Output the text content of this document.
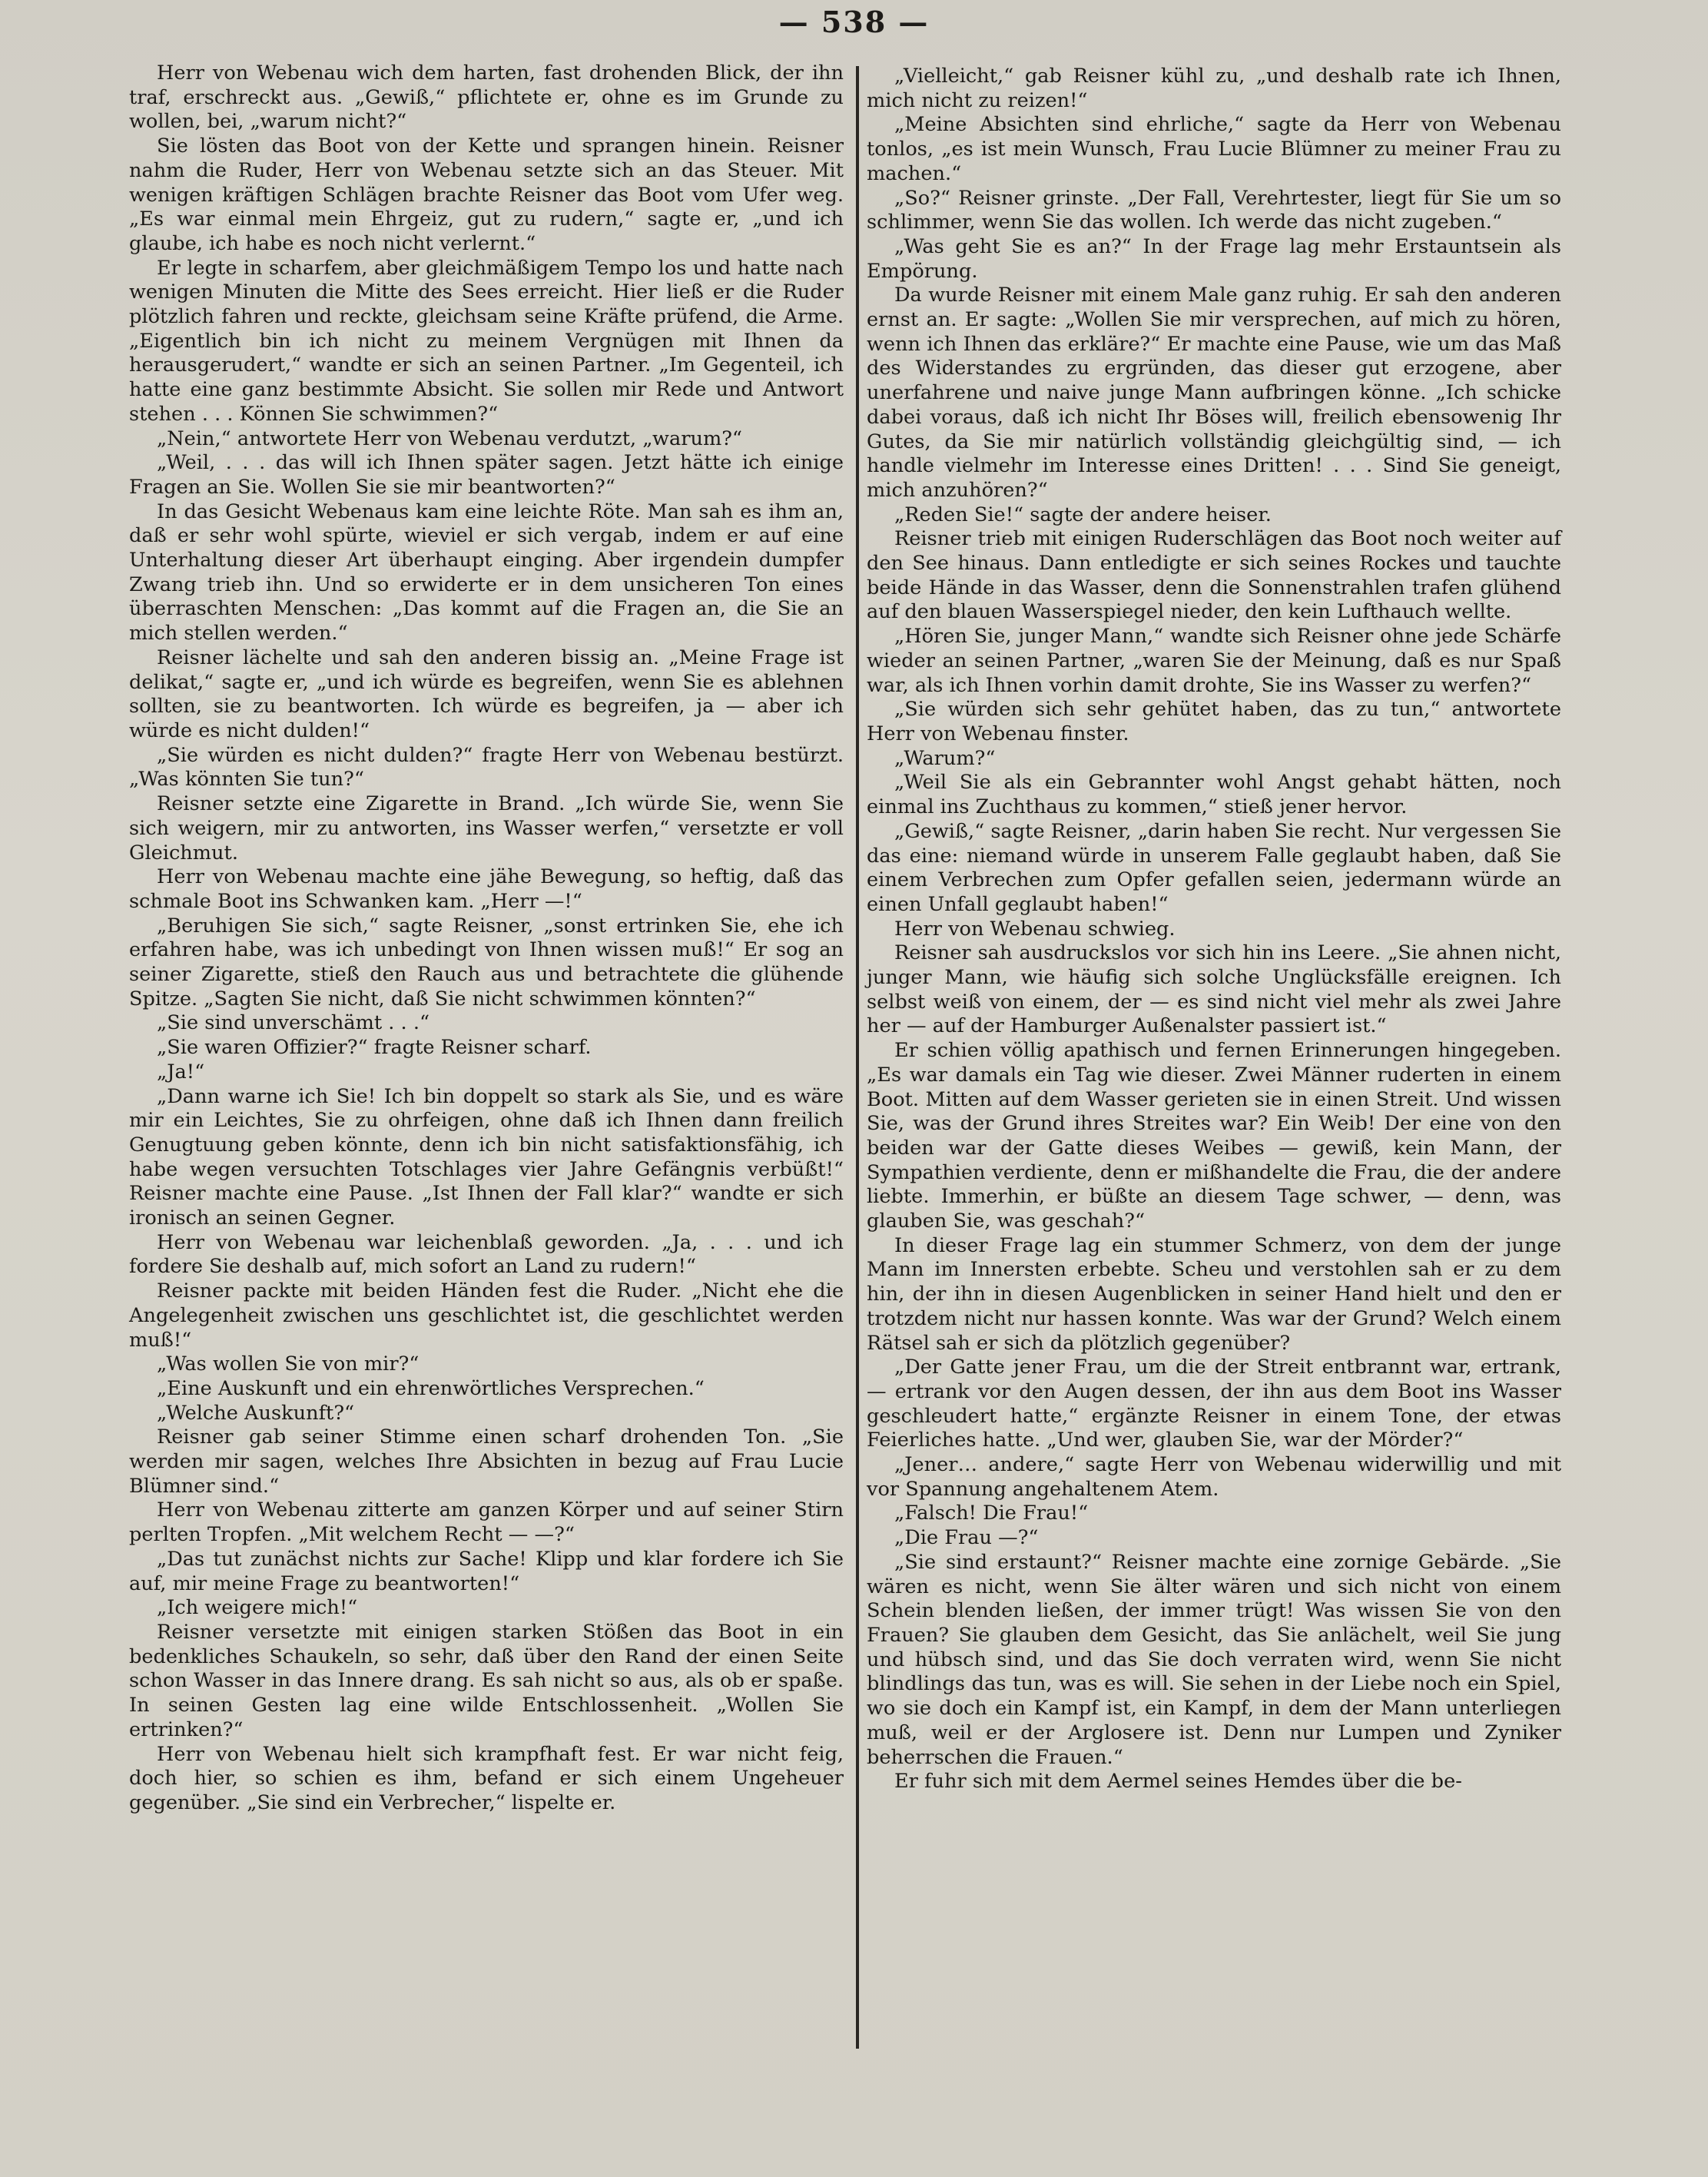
— 538 —

Herr von Webenau wich dem harten, fast drohenden Blick, der ihn traf, erschreckt aus. „Gewiß,“ pflichtete er, ohne es im Grunde zu wollen, bei, „warum nicht?“

Sie lösten das Boot von der Kette und sprangen hinein. Reisner nahm die Ruder, Herr von Webenau setzte sich an das Steuer. Mit wenigen kräftigen Schlägen brachte Reisner das Boot vom Ufer weg. „Es war einmal mein Ehrgeiz, gut zu rudern,“ sagte er, „und ich glaube, ich habe es noch nicht verlernt.“

Er legte in scharfem, aber gleichmäßigem Tempo los und hatte nach wenigen Minuten die Mitte des Sees erreicht. Hier ließ er die Ruder plötzlich fahren und reckte, gleichsam seine Kräfte prüfend, die Arme. „Eigentlich bin ich nicht zu meinem Vergnügen mit Ihnen da herausgerudert,“ wandte er sich an seinen Partner. „Im Gegenteil, ich hatte eine ganz bestimmte Absicht. Sie sollen mir Rede und Antwort stehen . . . Können Sie schwimmen?“

„Nein,“ antwortete Herr von Webenau verdutzt, „warum?“

„Weil, . . . das will ich Ihnen später sagen. Jetzt hätte ich einige Fragen an Sie. Wollen Sie sie mir beantworten?“

In das Gesicht Webenaus kam eine leichte Röte. Man sah es ihm an, daß er sehr wohl spürte, wieviel er sich vergab, indem er auf eine Unterhaltung dieser Art überhaupt einging. Aber irgendein dumpfer Zwang trieb ihn. Und so erwiderte er in dem unsicheren Ton eines überraschten Menschen: „Das kommt auf die Fragen an, die Sie an mich stellen werden.“

Reisner lächelte und sah den anderen bissig an. „Meine Frage ist delikat,“ sagte er, „und ich würde es begreifen, wenn Sie es ablehnen sollten, sie zu beantworten. Ich würde es begreifen, ja — aber ich würde es nicht dulden!“

„Sie würden es nicht dulden?“ fragte Herr von Webenau bestürzt. „Was könnten Sie tun?“

Reisner setzte eine Zigarette in Brand. „Ich würde Sie, wenn Sie sich weigern, mir zu antworten, ins Wasser werfen,“ versetzte er voll Gleichmut.

Herr von Webenau machte eine jähe Bewegung, so heftig, daß das schmale Boot ins Schwanken kam. „Herr —!“

„Beruhigen Sie sich,“ sagte Reisner, „sonst ertrinken Sie, ehe ich erfahren habe, was ich unbedingt von Ihnen wissen muß!“ Er sog an seiner Zigarette, stieß den Rauch aus und betrachtete die glühende Spitze. „Sagten Sie nicht, daß Sie nicht schwimmen könnten?“

„Sie sind unverschämt . . .“

„Sie waren Offizier?“ fragte Reisner scharf.

„Ja!“

„Dann warne ich Sie! Ich bin doppelt so stark als Sie, und es wäre mir ein Leichtes, Sie zu ohrfeigen, ohne daß ich Ihnen dann freilich Genugtuung geben könnte, denn ich bin nicht satisfaktionsfähig, ich habe wegen versuchten Totschlages vier Jahre Gefängnis verbüßt!“ Reisner machte eine Pause. „Ist Ihnen der Fall klar?“ wandte er sich ironisch an seinen Gegner.

Herr von Webenau war leichenblaß geworden. „Ja, . . . und ich fordere Sie deshalb auf, mich sofort an Land zu rudern!“

Reisner packte mit beiden Händen fest die Ruder. „Nicht ehe die Angelegenheit zwischen uns geschlichtet ist, die geschlichtet werden muß!“

„Was wollen Sie von mir?“

„Eine Auskunft und ein ehrenwörtliches Versprechen.“

„Welche Auskunft?“

Reisner gab seiner Stimme einen scharf drohenden Ton. „Sie werden mir sagen, welches Ihre Absichten in bezug auf Frau Lucie Blümner sind.“

Herr von Webenau zitterte am ganzen Körper und auf seiner Stirn perlten Tropfen. „Mit welchem Recht — —?“

„Das tut zunächst nichts zur Sache! Klipp und klar fordere ich Sie auf, mir meine Frage zu beantworten!“

„Ich weigere mich!“

Reisner versetzte mit einigen starken Stößen das Boot in ein bedenkliches Schaukeln, so sehr, daß über den Rand der einen Seite schon Wasser in das Innere drang. Es sah nicht so aus, als ob er spaße. In seinen Gesten lag eine wilde Entschlossenheit. „Wollen Sie ertrinken?“

Herr von Webenau hielt sich krampfhaft fest. Er war nicht feig, doch hier, so schien es ihm, befand er sich einem Ungeheuer gegenüber. „Sie sind ein Verbrecher,“ lispelte er.

„Vielleicht,“ gab Reisner kühl zu, „und deshalb rate ich Ihnen, mich nicht zu reizen!“

„Meine Absichten sind ehrliche,“ sagte da Herr von Webenau tonlos, „es ist mein Wunsch, Frau Lucie Blümner zu meiner Frau zu machen.“

„So?“ Reisner grinste. „Der Fall, Verehrtester, liegt für Sie um so schlimmer, wenn Sie das wollen. Ich werde das nicht zugeben.“

„Was geht Sie es an?“ In der Frage lag mehr Erstauntsein als Empörung.

Da wurde Reisner mit einem Male ganz ruhig. Er sah den anderen ernst an. Er sagte: „Wollen Sie mir versprechen, auf mich zu hören, wenn ich Ihnen das erkläre?“ Er machte eine Pause, wie um das Maß des Widerstandes zu ergründen, das dieser gut erzogene, aber unerfahrene und naive junge Mann aufbringen könne. „Ich schicke dabei voraus, daß ich nicht Ihr Böses will, freilich ebensowenig Ihr Gutes, da Sie mir natürlich vollständig gleichgültig sind, — ich handle vielmehr im Interesse eines Dritten! . . . Sind Sie geneigt, mich anzuhören?“

„Reden Sie!“ sagte der andere heiser.

Reisner trieb mit einigen Ruderschlägen das Boot noch weiter auf den See hinaus. Dann entledigte er sich seines Rockes und tauchte beide Hände in das Wasser, denn die Sonnenstrahlen trafen glühend auf den blauen Wasserspiegel nieder, den kein Lufthauch wellte.

„Hören Sie, junger Mann,“ wandte sich Reisner ohne jede Schärfe wieder an seinen Partner, „waren Sie der Meinung, daß es nur Spaß war, als ich Ihnen vorhin damit drohte, Sie ins Wasser zu werfen?“

„Sie würden sich sehr gehütet haben, das zu tun,“ antwortete Herr von Webenau finster.

„Warum?“

„Weil Sie als ein Gebrannter wohl Angst gehabt hätten, noch einmal ins Zuchthaus zu kommen,“ stieß jener hervor.

„Gewiß,“ sagte Reisner, „darin haben Sie recht. Nur vergessen Sie das eine: niemand würde in unserem Falle geglaubt haben, daß Sie einem Verbrechen zum Opfer gefallen seien, jedermann würde an einen Unfall geglaubt haben!“

Herr von Webenau schwieg.

Reisner sah ausdruckslos vor sich hin ins Leere. „Sie ahnen nicht, junger Mann, wie häufig sich solche Unglücksfälle ereignen. Ich selbst weiß von einem, der — es sind nicht viel mehr als zwei Jahre her — auf der Hamburger Außenalster passiert ist.“

Er schien völlig apathisch und fernen Erinnerungen hingegeben. „Es war damals ein Tag wie dieser. Zwei Männer ruderten in einem Boot. Mitten auf dem Wasser gerieten sie in einen Streit. Und wissen Sie, was der Grund ihres Streites war? Ein Weib! Der eine von den beiden war der Gatte dieses Weibes — gewiß, kein Mann, der Sympathien verdiente, denn er mißhandelte die Frau, die der andere liebte. Immerhin, er büßte an diesem Tage schwer, — denn, was glauben Sie, was geschah?“

In dieser Frage lag ein stummer Schmerz, von dem der junge Mann im Innersten erbebte. Scheu und verstohlen sah er zu dem hin, der ihn in diesen Augenblicken in seiner Hand hielt und den er trotzdem nicht nur hassen konnte. Was war der Grund? Welch einem Rätsel sah er sich da plötzlich gegenüber?

„Der Gatte jener Frau, um die der Streit entbrannt war, ertrank, — ertrank vor den Augen dessen, der ihn aus dem Boot ins Wasser geschleudert hatte,“ ergänzte Reisner in einem Tone, der etwas Feierliches hatte. „Und wer, glauben Sie, war der Mörder?“

„Jener… andere,“ sagte Herr von Webenau widerwillig und mit vor Spannung angehaltenem Atem.

„Falsch! Die Frau!“

„Die Frau —?“

„Sie sind erstaunt?“ Reisner machte eine zornige Gebärde. „Sie wären es nicht, wenn Sie älter wären und sich nicht von einem Schein blenden ließen, der immer trügt! Was wissen Sie von den Frauen? Sie glauben dem Gesicht, das Sie anlächelt, weil Sie jung und hübsch sind, und das Sie doch verraten wird, wenn Sie nicht blindlings das tun, was es will. Sie sehen in der Liebe noch ein Spiel, wo sie doch ein Kampf ist, ein Kampf, in dem der Mann unterliegen muß, weil er der Arglosere ist. Denn nur Lumpen und Zyniker beherrschen die Frauen.“

Er fuhr sich mit dem Aermel seines Hemdes über die be-
